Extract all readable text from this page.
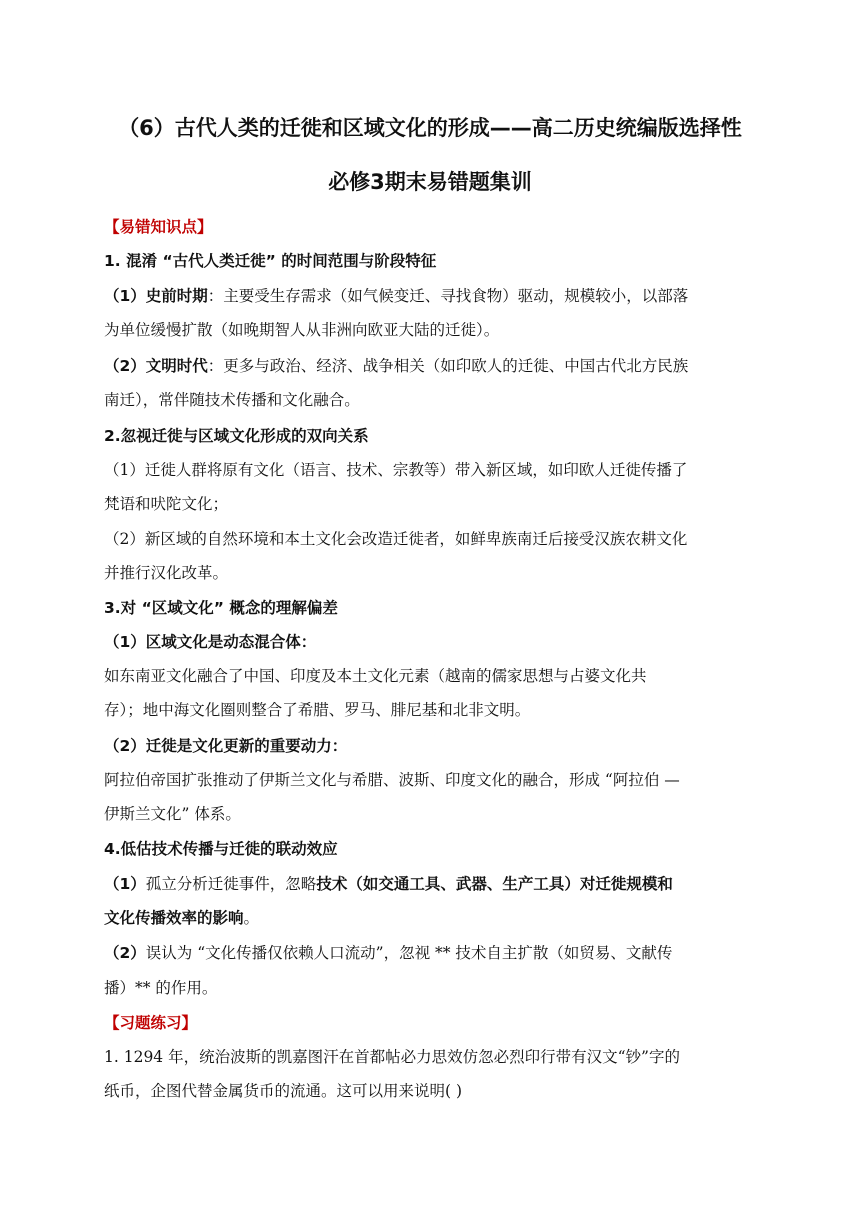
（6）古代人类的迁徙和区域文化的形成——高二历史统编版选择性
必修3期末易错题集训
【易错知识点】
1. 混淆 “古代人类迁徙” 的时间范围与阶段特征
（1）史前时期：主要受生存需求（如气候变迁、寻找食物）驱动，规模较小，以部落
为单位缓慢扩散（如晚期智人从非洲向欧亚大陆的迁徙）。
（2）文明时代：更多与政治、经济、战争相关（如印欧人的迁徙、中国古代北方民族
南迁），常伴随技术传播和文化融合。
2.忽视迁徙与区域文化形成的双向关系
（1）迁徙人群将原有文化（语言、技术、宗教等）带入新区域，如印欧人迁徙传播了
梵语和吠陀文化；
（2）新区域的自然环境和本土文化会改造迁徙者，如鲜卑族南迁后接受汉族农耕文化
并推行汉化改革。
3.对 “区域文化” 概念的理解偏差
（1）区域文化是动态混合体：
如东南亚文化融合了中国、印度及本土文化元素（越南的儒家思想与占婆文化共
存）；地中海文化圈则整合了希腊、罗马、腓尼基和北非文明。
（2）迁徙是文化更新的重要动力：
阿拉伯帝国扩张推动了伊斯兰文化与希腊、波斯、印度文化的融合，形成 “阿拉伯 —
伊斯兰文化” 体系。
4.低估技术传播与迁徙的联动效应
（1）孤立分析迁徙事件，忽略技术（如交通工具、武器、生产工具）对迁徙规模和
文化传播效率的影响。
（2）误认为 “文化传播仅依赖人口流动”，忽视 ** 技术自主扩散（如贸易、文献传
播）** 的作用。
【习题练习】
1. 1294 年，统治波斯的凯嘉图汗在首都帖必力思效仿忽必烈印行带有汉文“钞”字的
纸币，企图代替金属货币的流通。这可以用来说明( )
